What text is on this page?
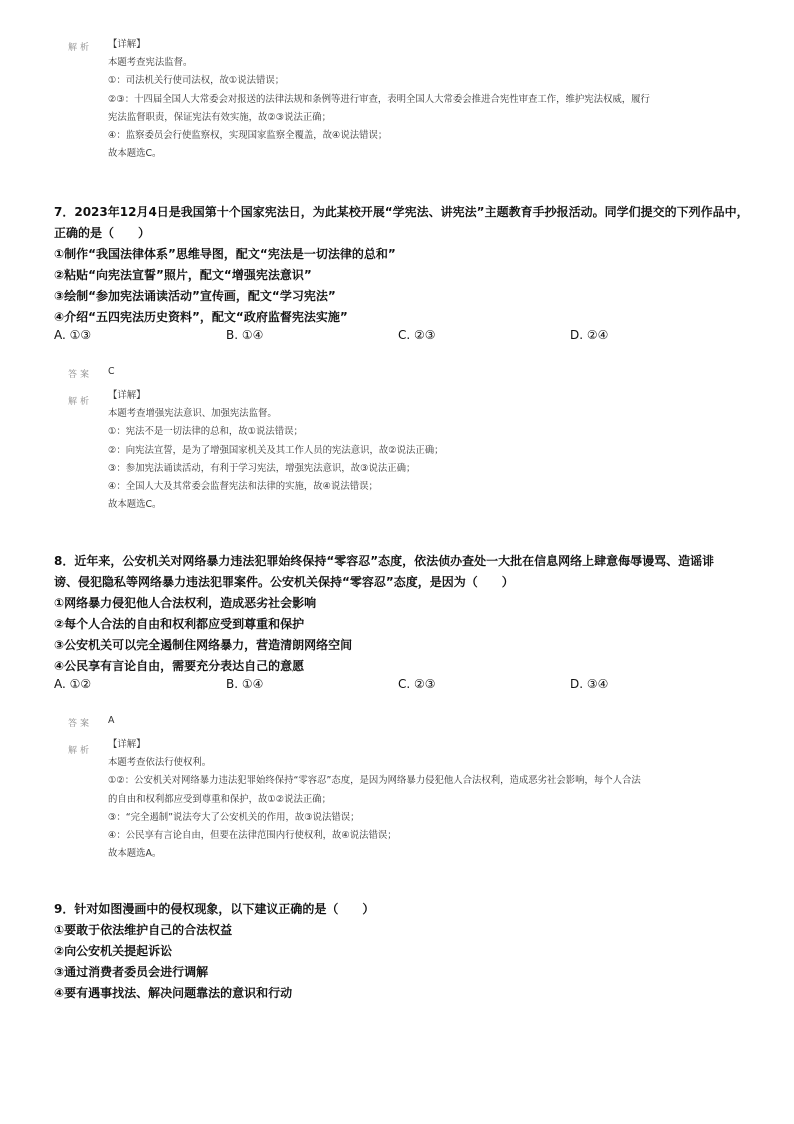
解析 【详解】
本题考查宪法监督。
①：司法机关行使司法权，故①说法错误；
②③：十四届全国人大常委会对报送的法律法规和条例等进行审查，表明全国人大常委会推进合宪性审查工作，维护宪法权威，履行
宪法监督职责，保证宪法有效实施，故②③说法正确；
④：监察委员会行使监察权，实现国家监察全覆盖，故④说法错误；
故本题选C。
7．2023年12月4日是我国第十个国家宪法日，为此某校开展“学宪法、讲宪法”主题教育手抄报活动。同学们提交的下列作品中，
正确的是（　　）
①制作“我国法律体系”思维导图，配文“宪法是一切法律的总和”
②粘贴“向宪法宣誓”照片，配文“增强宪法意识”
③绘制“参加宪法诵读活动”宣传画，配文“学习宪法”
④介绍“五四宪法历史资料”，配文“政府监督宪法实施”
A. ①③	B. ①④	C. ②③	D. ②④
答案 C
解析
【详解】
本题考查增强宪法意识、加强宪法监督。
①：宪法不是一切法律的总和，故①说法错误；
②：向宪法宣誓，是为了增强国家机关及其工作人员的宪法意识，故②说法正确；
③：参加宪法诵读活动，有利于学习宪法，增强宪法意识，故③说法正确；
④：全国人大及其常委会监督宪法和法律的实施，故④说法错误；
故本题选C。
8．近年来，公安机关对网络暴力违法犯罪始终保持“零容忍”态度，依法侦办查处一大批在信息网络上肆意侮辱谩骂、造谣诽
谤、侵犯隐私等网络暴力违法犯罪案件。公安机关保持“零容忍”态度，是因为（　　）
①网络暴力侵犯他人合法权利，造成恶劣社会影响
②每个人合法的自由和权利都应受到尊重和保护
③公安机关可以完全遏制住网络暴力，营造清朗网络空间
④公民享有言论自由，需要充分表达自己的意愿
A. ①②	B. ①④	C. ②③	D. ③④
答案 A
解析
【详解】
本题考查依法行使权利。
①②：公安机关对网络暴力违法犯罪始终保持“零容忍”态度，是因为网络暴力侵犯他人合法权利，造成恶劣社会影响，每个人合法
的自由和权利都应受到尊重和保护，故①②说法正确；
③：“完全遏制”说法夸大了公安机关的作用，故③说法错误；
④：公民享有言论自由，但要在法律范围内行使权利，故④说法错误；
故本题选A。
9．针对如图漫画中的侵权现象，以下建议正确的是（　　）
①要敢于依法维护自己的合法权益
②向公安机关提起诉讼
③通过消费者委员会进行调解
④要有遇事找法、解决问题靠法的意识和行动
